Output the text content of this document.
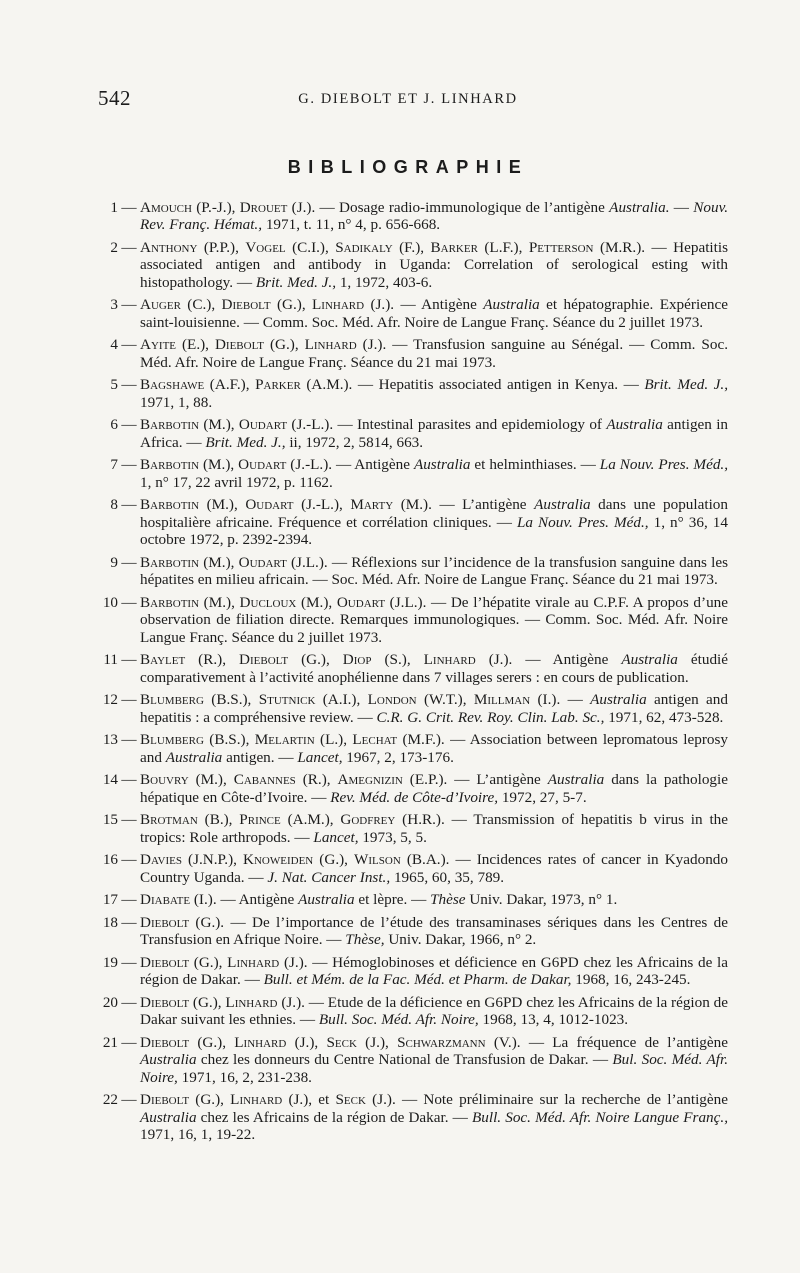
542	G. DIEBOLT ET J. LINHARD
BIBLIOGRAPHIE
1 — Amouch (P.-J.), Drouet (J.). — Dosage radio-immunologique de l’antigène Australia. — Nouv. Rev. Franç. Hémat., 1971, t. 11, n° 4, p. 656-668.
2 — Anthony (P.P.), Vogel (C.I.), Sadikaly (F.), Barker (L.F.), Petterson (M.R.). — Hepatitis associated antigen and antibody in Uganda: Correlation of serological esting with histopathology. — Brit. Med. J., 1, 1972, 403-6.
3 — Auger (C.), Diebolt (G.), Linhard (J.). — Antigène Australia et hépatographie. Expérience saint-louisienne. — Comm. Soc. Méd. Afr. Noire de Langue Franç. Séance du 2 juillet 1973.
4 — Ayite (E.), Diebolt (G.), Linhard (J.). — Transfusion sanguine au Sénégal. — Comm. Soc. Méd. Afr. Noire de Langue Franç. Séance du 21 mai 1973.
5 — Bagshawe (A.F.), Parker (A.M.). — Hepatitis associated antigen in Kenya. — Brit. Med. J., 1971, 1, 88.
6 — Barbotin (M.), Oudart (J.-L.). — Intestinal parasites and epidemiology of Australia antigen in Africa. — Brit. Med. J., ii, 1972, 2, 5814, 663.
7 — Barbotin (M.), Oudart (J.-L.). — Antigène Australia et helminthiases. — La Nouv. Pres. Méd., 1, n° 17, 22 avril 1972, p. 1162.
8 — Barbotin (M.), Oudart (J.-L.), Marty (M.). — L’antigène Australia dans une population hospitalière africaine. Fréquence et corrélation cliniques. — La Nouv. Pres. Méd., 1, n° 36, 14 octobre 1972, p. 2392-2394.
9 — Barbotin (M.), Oudart (J.L.). — Réflexions sur l’incidence de la transfusion sanguine dans les hépatites en milieu africain. — Soc. Méd. Afr. Noire de Langue Franç. Séance du 21 mai 1973.
10 — Barbotin (M.), Ducloux (M.), Oudart (J.L.). — De l’hépatite virale au C.P.F. A propos d’une observation de filiation directe. Remarques immunologiques. — Comm. Soc. Méd. Afr. Noire Langue Franç. Séance du 2 juillet 1973.
11 — Baylet (R.), Diebolt (G.), Diop (S.), Linhard (J.). — Antigène Australia étudié comparativement à l’activité anophélienne dans 7 villages serers : en cours de publication.
12 — Blumberg (B.S.), Stutnick (A.I.), London (W.T.), Millman (I.). — Australia antigen and hepatitis : a compréhensive review. — C.R. G. Crit. Rev. Roy. Clin. Lab. Sc., 1971, 62, 473-528.
13 — Blumberg (B.S.), Melartin (L.), Lechat (M.F.). — Association between lepromatous leprosy and Australia antigen. — Lancet, 1967, 2, 173-176.
14 — Bouvry (M.), Cabannes (R.), Amegnizin (E.P.). — L’antigène Australia dans la pathologie hépatique en Côte-d’Ivoire. — Rev. Méd. de Côte-d’Ivoire, 1972, 27, 5-7.
15 — Brotman (B.), Prince (A.M.), Godfrey (H.R.). — Transmission of hepatitis b virus in the tropics: Role arthropods. — Lancet, 1973, 5, 5.
16 — Davies (J.N.P.), Knoweiden (G.), Wilson (B.A.). — Incidences rates of cancer in Kyadondo Country Uganda. — J. Nat. Cancer Inst., 1965, 60, 35, 789.
17 — Diabate (I.). — Antigène Australia et lèpre. — Thèse Univ. Dakar, 1973, n° 1.
18 — Diebolt (G.). — De l’importance de l’étude des transaminases sériques dans les Centres de Transfusion en Afrique Noire. — Thèse, Univ. Dakar, 1966, n° 2.
19 — Diebolt (G.), Linhard (J.). — Hémoglobinoses et déficience en G6PD chez les Africains de la région de Dakar. — Bull. et Mém. de la Fac. Méd. et Pharm. de Dakar, 1968, 16, 243-245.
20 — Diebolt (G.), Linhard (J.). — Etude de la déficience en G6PD chez les Africains de la région de Dakar suivant les ethnies. — Bull. Soc. Méd. Afr. Noire, 1968, 13, 4, 1012-1023.
21 — Diebolt (G.), Linhard (J.), Seck (J.), Schwarzmann (V.). — La fréquence de l’antigène Australia chez les donneurs du Centre National de Transfusion de Dakar. — Bul. Soc. Méd. Afr. Noire, 1971, 16, 2, 231-238.
22 — Diebolt (G.), Linhard (J.), et Seck (J.). — Note préliminaire sur la recherche de l’antigène Australia chez les Africains de la région de Dakar. — Bull. Soc. Méd. Afr. Noire Langue Franç., 1971, 16, 1, 19-22.
